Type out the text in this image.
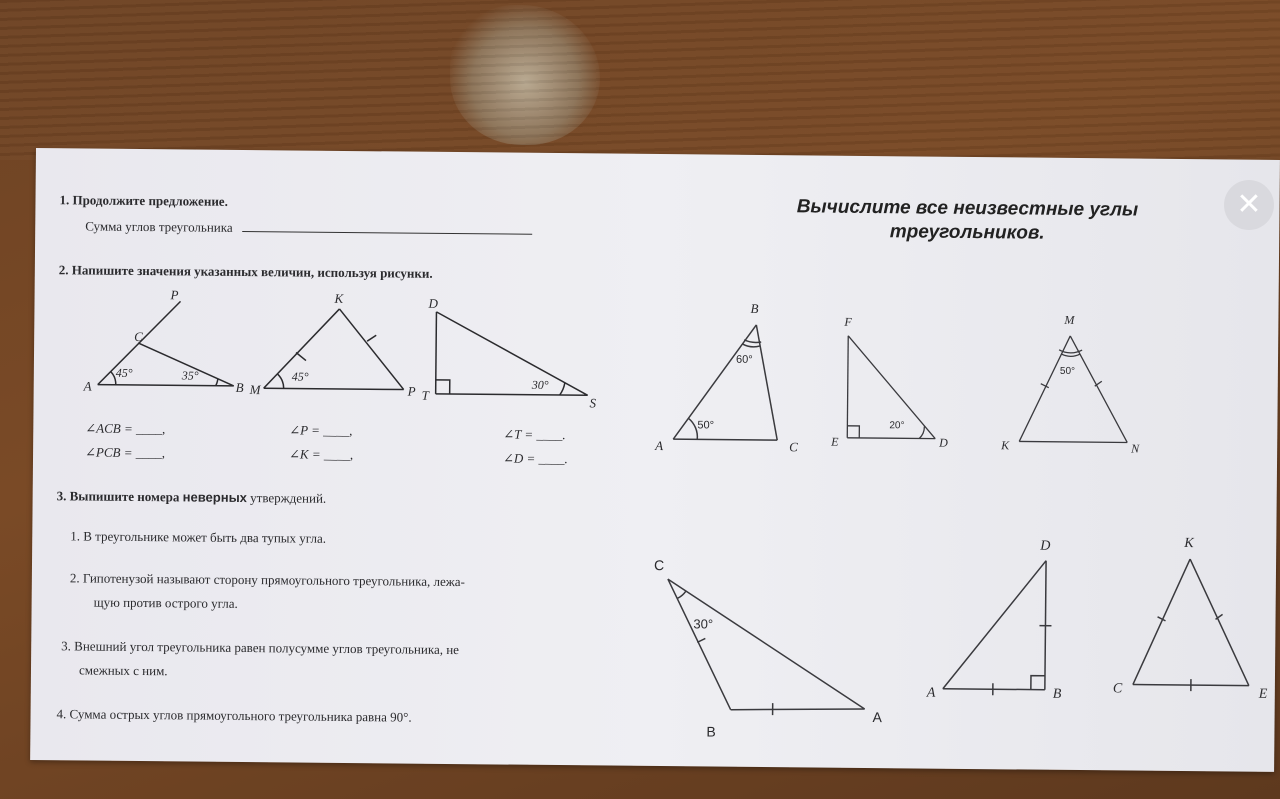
1. Продолжите предложение.
Сумма углов треугольника
2. Напишите значения указанных величин, используя рисунки.
P
C
A	B
45°	35°
K
M	P
45°
D
T
S
30°
B
A	C
60°
50°
F
E	D
20°
M
K	N
50°
C
B
A
30°
D
A	B
K
C	E
∠ACB = ____,
∠PCB = ____,
∠P = ____,
∠K = ____,
∠T = ____.
∠D = ____.
3. Выпишите номера неверных утверждений.
1. В треугольнике может быть два тупых угла.
2. Гипотенузой называют сторону прямоугольного треугольника, лежа-
щую против острого угла.
3. Внешний угол треугольника равен полусумме углов треугольника, не
смежных с ним.
4. Сумма острых углов прямоугольного треугольника равна 90°.
Вычислите все неизвестные углы
треугольников.
✕
